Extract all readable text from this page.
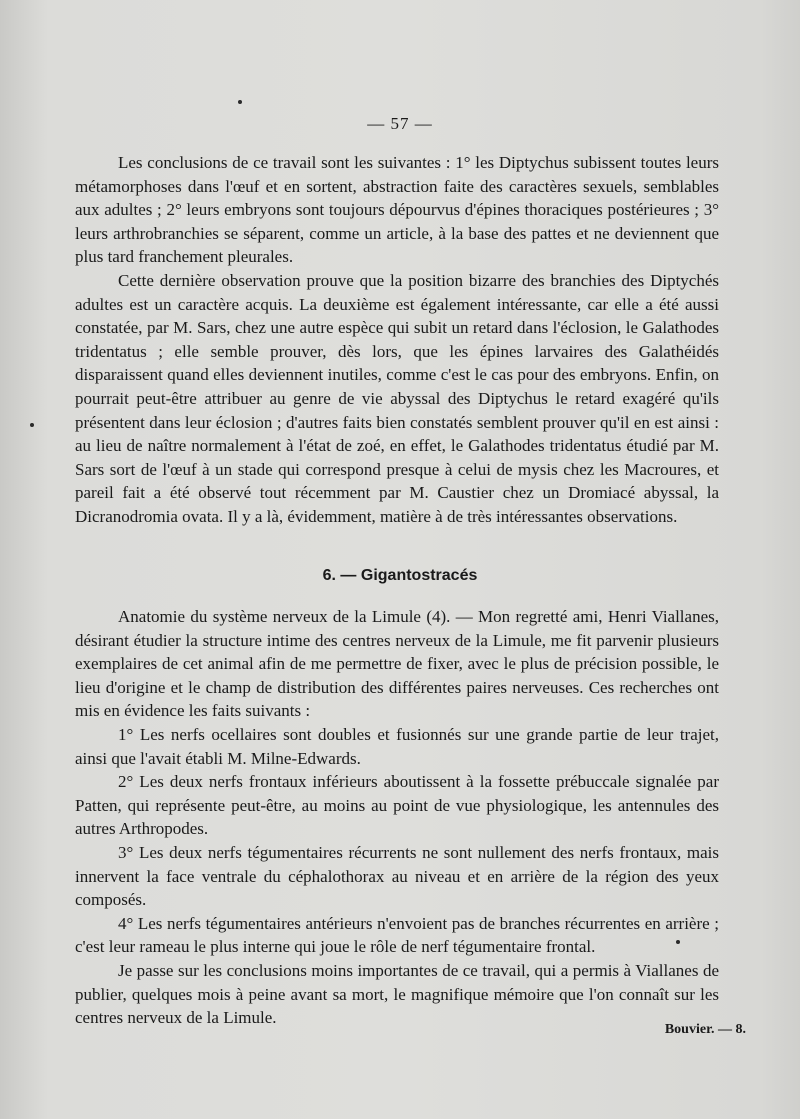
— 57 —

Les conclusions de ce travail sont les suivantes : 1° les Diptychus subissent toutes leurs métamorphoses dans l'œuf et en sortent, abstraction faite des caractères sexuels, semblables aux adultes ; 2° leurs embryons sont toujours dépourvus d'épines thoraciques postérieures ; 3° leurs arthrobranchies se séparent, comme un article, à la base des pattes et ne deviennent que plus tard franchement pleurales.

Cette dernière observation prouve que la position bizarre des branchies des Diptychés adultes est un caractère acquis. La deuxième est également intéressante, car elle a été aussi constatée, par M. Sars, chez une autre espèce qui subit un retard dans l'éclosion, le Galathodes tridentatus ; elle semble prouver, dès lors, que les épines larvaires des Galathéidés disparaissent quand elles deviennent inutiles, comme c'est le cas pour des embryons. Enfin, on pourrait peut-être attribuer au genre de vie abyssal des Diptychus le retard exagéré qu'ils présentent dans leur éclosion ; d'autres faits bien constatés semblent prouver qu'il en est ainsi : au lieu de naître normalement à l'état de zoé, en effet, le Galathodes tridentatus étudié par M. Sars sort de l'œuf à un stade qui correspond presque à celui de mysis chez les Macroures, et pareil fait a été observé tout récemment par M. Caustier chez un Dromiacé abyssal, la Dicranodromia ovata. Il y a là, évidemment, matière à de très intéressantes observations.

6. — Gigantostracés

Anatomie du système nerveux de la Limule (4). — Mon regretté ami, Henri Viallanes, désirant étudier la structure intime des centres nerveux de la Limule, me fit parvenir plusieurs exemplaires de cet animal afin de me permettre de fixer, avec le plus de précision possible, le lieu d'origine et le champ de distribution des différentes paires nerveuses. Ces recherches ont mis en évidence les faits suivants :

1° Les nerfs ocellaires sont doubles et fusionnés sur une grande partie de leur trajet, ainsi que l'avait établi M. Milne-Edwards.

2° Les deux nerfs frontaux inférieurs aboutissent à la fossette prébuccale signalée par Patten, qui représente peut-être, au moins au point de vue physiologique, les antennules des autres Arthropodes.

3° Les deux nerfs tégumentaires récurrents ne sont nullement des nerfs frontaux, mais innervent la face ventrale du céphalothorax au niveau et en arrière de la région des yeux composés.

4° Les nerfs tégumentaires antérieurs n'envoient pas de branches récurrentes en arrière ; c'est leur rameau le plus interne qui joue le rôle de nerf tégumentaire frontal.

Je passe sur les conclusions moins importantes de ce travail, qui a permis à Viallanes de publier, quelques mois à peine avant sa mort, le magnifique mémoire que l'on connaît sur les centres nerveux de la Limule.

Bouvier. — 8.
